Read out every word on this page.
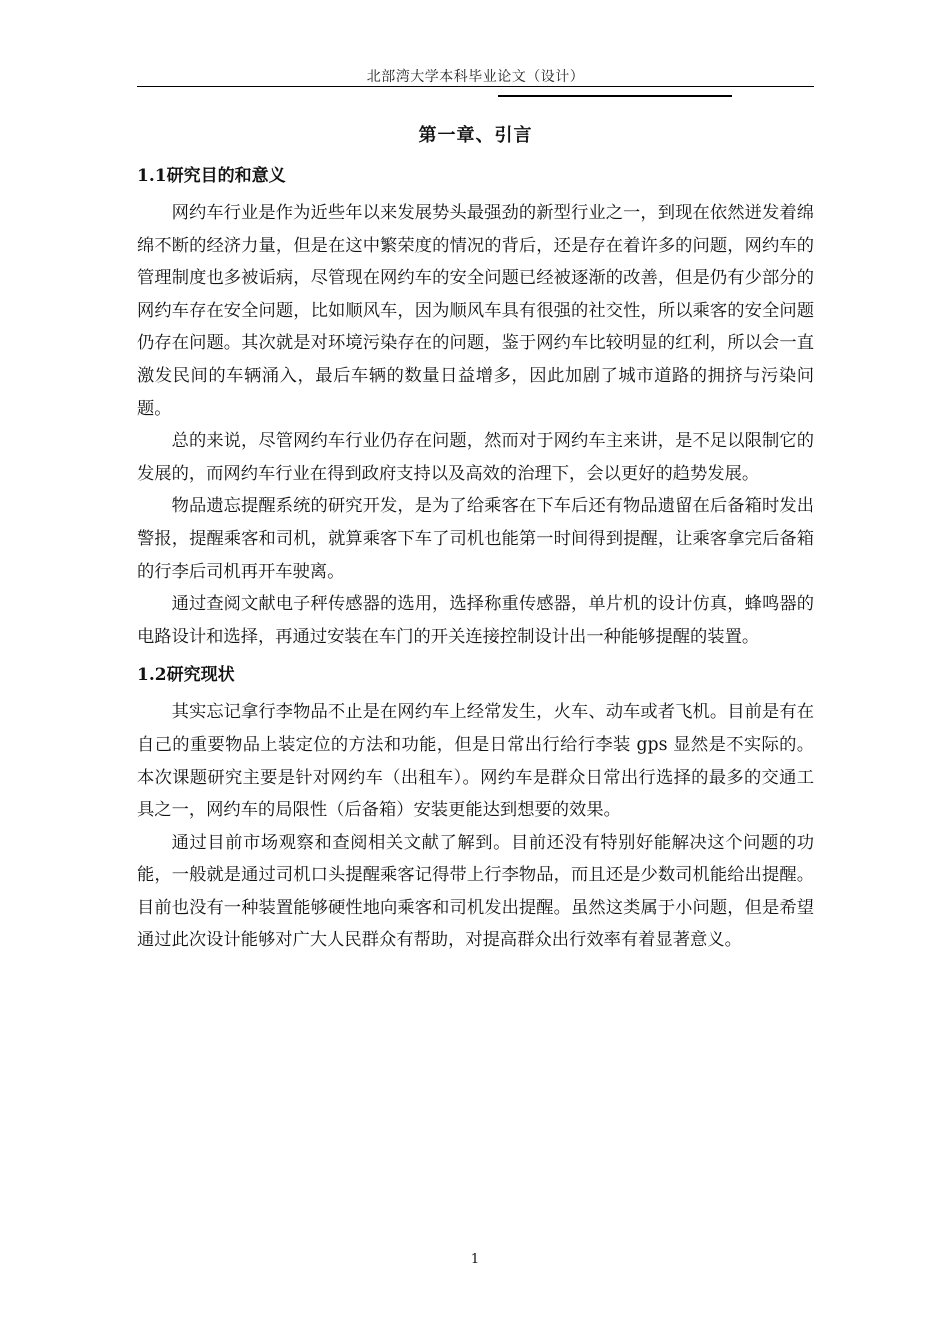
北部湾大学本科毕业论文（设计）
第一章、引言
1.1研究目的和意义

网约车行业是作为近些年以来发展势头最强劲的新型行业之一，到现在依然迸发着绵绵不断的经济力量，但是在这中繁荣度的情况的背后，还是存在着许多的问题，网约车的管理制度也多被诟病，尽管现在网约车的安全问题已经被逐渐的改善，但是仍有少部分的网约车存在安全问题，比如顺风车，因为顺风车具有很强的社交性，所以乘客的安全问题仍存在问题。其次就是对环境污染存在的问题，鉴于网约车比较明显的红利，所以会一直激发民间的车辆涌入，最后车辆的数量日益增多，因此加剧了城市道路的拥挤与污染问题。

总的来说，尽管网约车行业仍存在问题，然而对于网约车主来讲，是不足以限制它的发展的，而网约车行业在得到政府支持以及高效的治理下，会以更好的趋势发展。

物品遗忘提醒系统的研究开发，是为了给乘客在下车后还有物品遗留在后备箱时发出警报，提醒乘客和司机，就算乘客下车了司机也能第一时间得到提醒，让乘客拿完后备箱的行李后司机再开车驶离。

通过查阅文献电子秤传感器的选用，选择称重传感器，单片机的设计仿真，蜂鸣器的电路设计和选择，再通过安装在车门的开关连接控制设计出一种能够提醒的装置。

1.2研究现状

其实忘记拿行李物品不止是在网约车上经常发生，火车、动车或者飞机。目前是有在自己的重要物品上装定位的方法和功能，但是日常出行给行李装 gps 显然是不实际的。本次课题研究主要是针对网约车（出租车）。网约车是群众日常出行选择的最多的交通工具之一，网约车的局限性（后备箱）安装更能达到想要的效果。

通过目前市场观察和查阅相关文献了解到。目前还没有特别好能解决这个问题的功能，一般就是通过司机口头提醒乘客记得带上行李物品，而且还是少数司机能给出提醒。目前也没有一种装置能够硬性地向乘客和司机发出提醒。虽然这类属于小问题，但是希望通过此次设计能够对广大人民群众有帮助，对提高群众出行效率有着显著意义。

1
